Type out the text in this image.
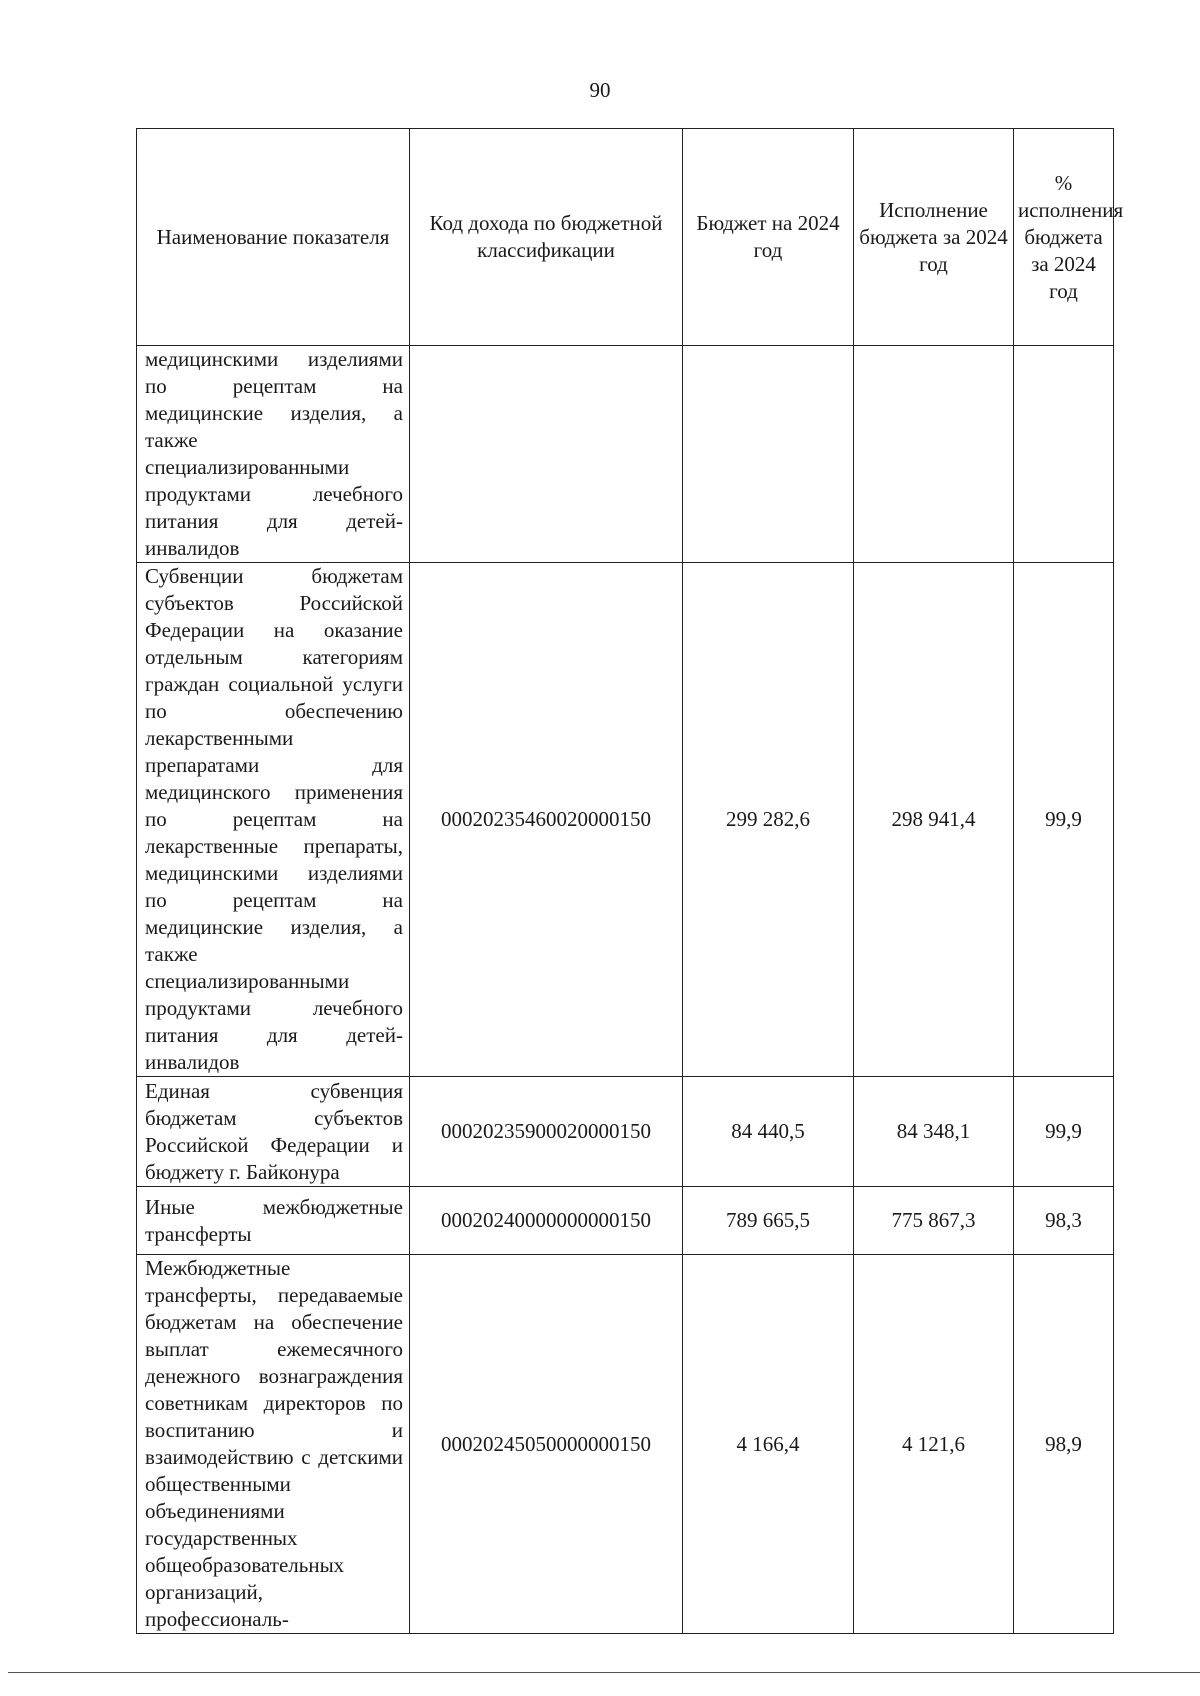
90
Наименование показателя	Код дохода по бюджетной классификации	Бюджет на 2024 год	Исполнение бюджета за 2024 год	% исполнения бюджета за 2024 год
медицинскими изделиями по рецептам на медицинские изделия, а также специализированными продуктами лечебного питания для детей-инвалидов				
Субвенции бюджетам субъектов Российской Федерации на оказание отдельным категориям граждан социальной услуги по обеспечению лекарственными препаратами для медицинского применения по рецептам на лекарственные препараты, медицинскими изделиями по рецептам на медицинские изделия, а также специализированными продуктами лечебного питания для детей-инвалидов	00020235460020000150	299 282,6	298 941,4	99,9
Единая субвенция бюджетам субъектов Российской Федерации и бюджету г. Байконура	00020235900020000150	84 440,5	84 348,1	99,9
Иные межбюджетные трансферты	00020240000000000150	789 665,5	775 867,3	98,3
Межбюджетные трансферты, передаваемые бюджетам на обеспечение выплат ежемесячного денежного вознаграждения советникам директоров по воспитанию и взаимодействию с детскими общественными объединениями государственных общеобразовательных организаций, профессиональ-	00020245050000000150	4 166,4	4 121,6	98,9
